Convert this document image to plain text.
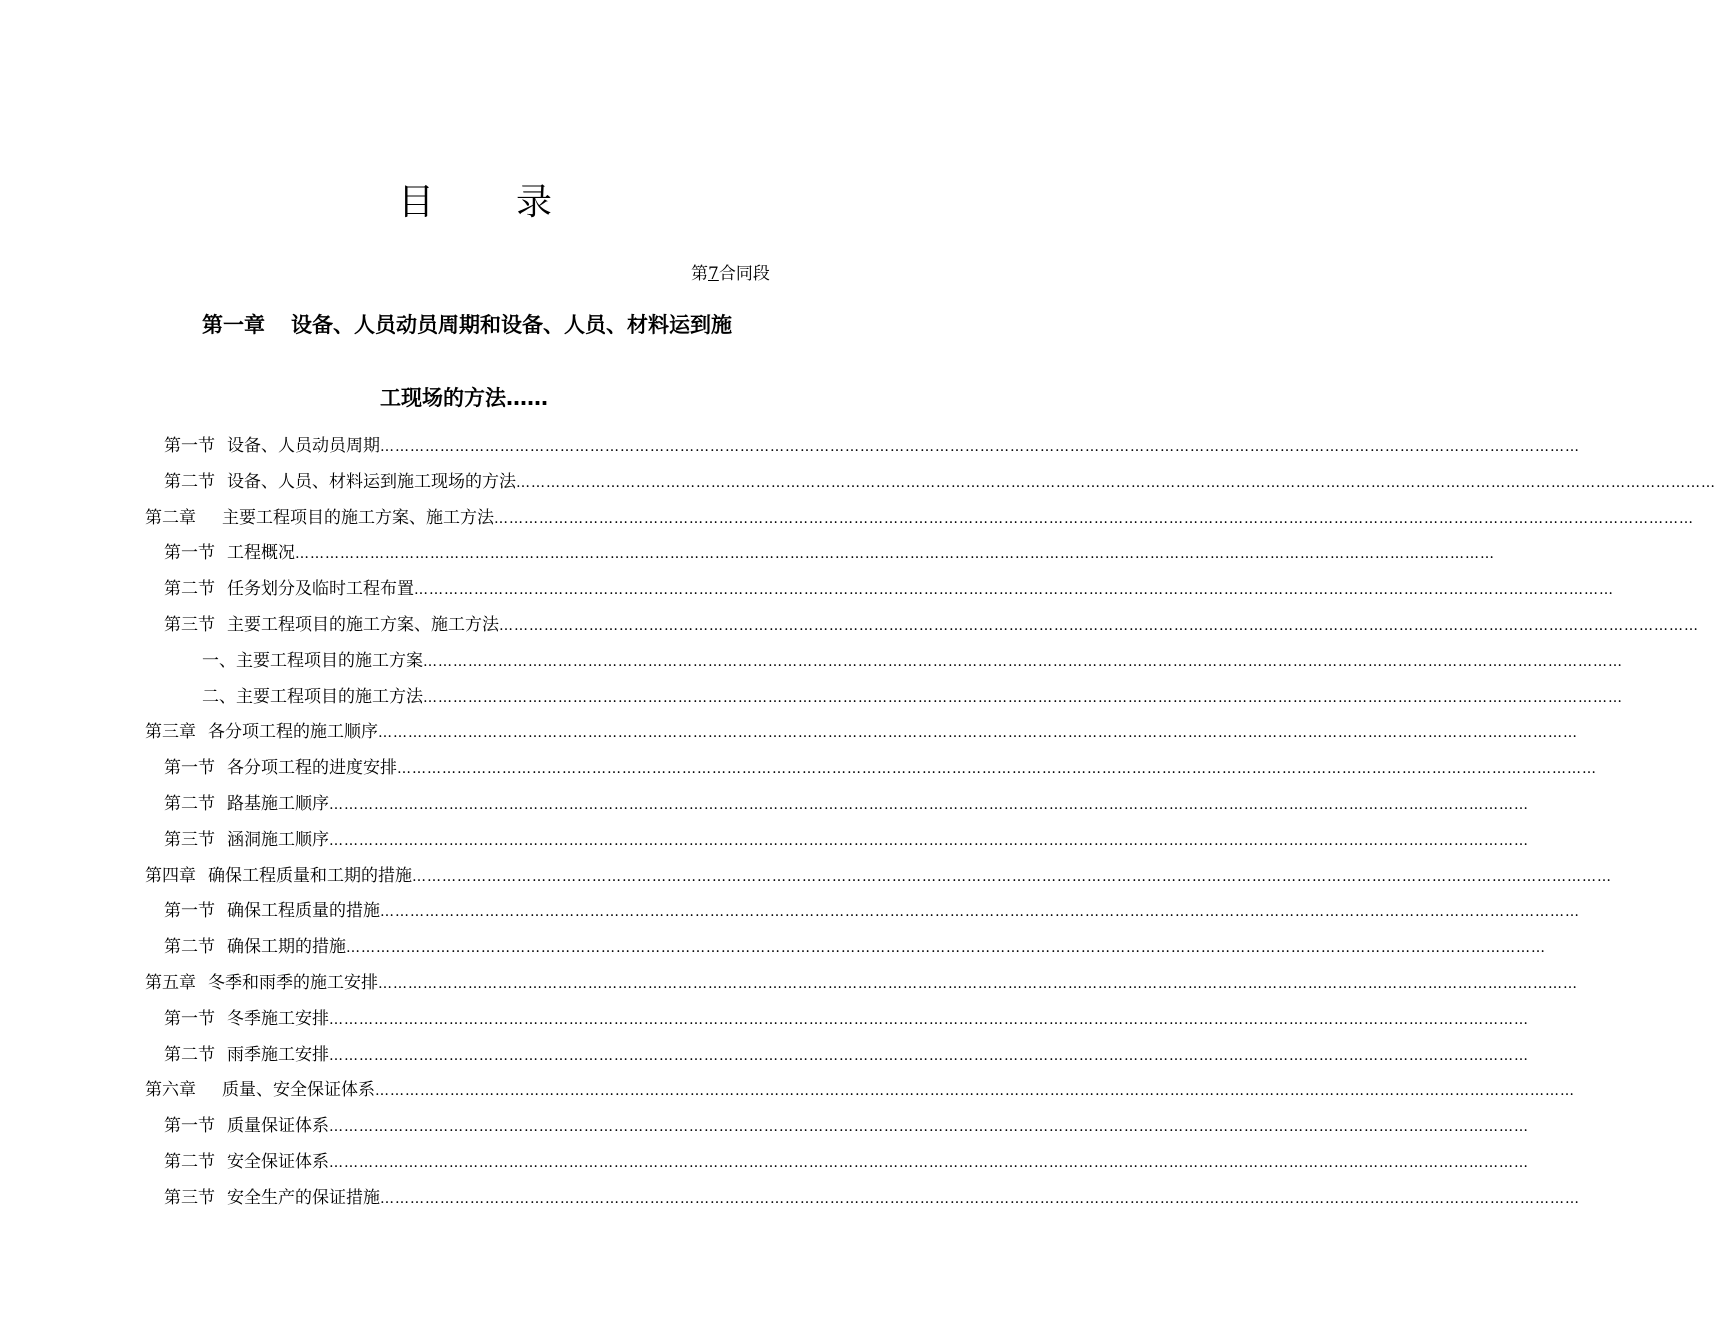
目 录
第7合同段
第一章 设备、人员动员周期和设备、人员、材料运到施
工现场的方法……
第一节 设备、人员动员周期 ……………………………………………………………………………………………………………………………………………………………………………………………………………………
第二节 设备、人员、材料运到施工现场的方法 ……………………………………………………………………………………………………………………………………………………………………………………………………………………
第二章 主要工程项目的施工方案、施工方法 ……………………………………………………………………………………………………………………………………………………………………………………………………………………
第一节 工程概况 ……………………………………………………………………………………………………………………………………………………………………………………………………………………
第二节 任务划分及临时工程布置 ……………………………………………………………………………………………………………………………………………………………………………………………………………………
第三节 主要工程项目的施工方案、施工方法 ……………………………………………………………………………………………………………………………………………………………………………………………………………………
一、主要工程项目的施工方案 ……………………………………………………………………………………………………………………………………………………………………………………………………………………
二、主要工程项目的施工方法 ……………………………………………………………………………………………………………………………………………………………………………………………………………………
第三章 各分项工程的施工顺序 ……………………………………………………………………………………………………………………………………………………………………………………………………………………
第一节 各分项工程的进度安排 ……………………………………………………………………………………………………………………………………………………………………………………………………………………
第二节 路基施工顺序 ……………………………………………………………………………………………………………………………………………………………………………………………………………………
第三节 涵洞施工顺序 ……………………………………………………………………………………………………………………………………………………………………………………………………………………
第四章 确保工程质量和工期的措施 ……………………………………………………………………………………………………………………………………………………………………………………………………………………
第一节 确保工程质量的措施 ……………………………………………………………………………………………………………………………………………………………………………………………………………………
第二节 确保工期的措施 ……………………………………………………………………………………………………………………………………………………………………………………………………………………
第五章 冬季和雨季的施工安排 ……………………………………………………………………………………………………………………………………………………………………………………………………………………
第一节 冬季施工安排 ……………………………………………………………………………………………………………………………………………………………………………………………………………………
第二节 雨季施工安排 ……………………………………………………………………………………………………………………………………………………………………………………………………………………
第六章 质量、安全保证体系 ……………………………………………………………………………………………………………………………………………………………………………………………………………………
第一节 质量保证体系 ……………………………………………………………………………………………………………………………………………………………………………………………………………………
第二节 安全保证体系 ……………………………………………………………………………………………………………………………………………………………………………………………………………………
第三节 安全生产的保证措施 ……………………………………………………………………………………………………………………………………………………………………………………………………………………
